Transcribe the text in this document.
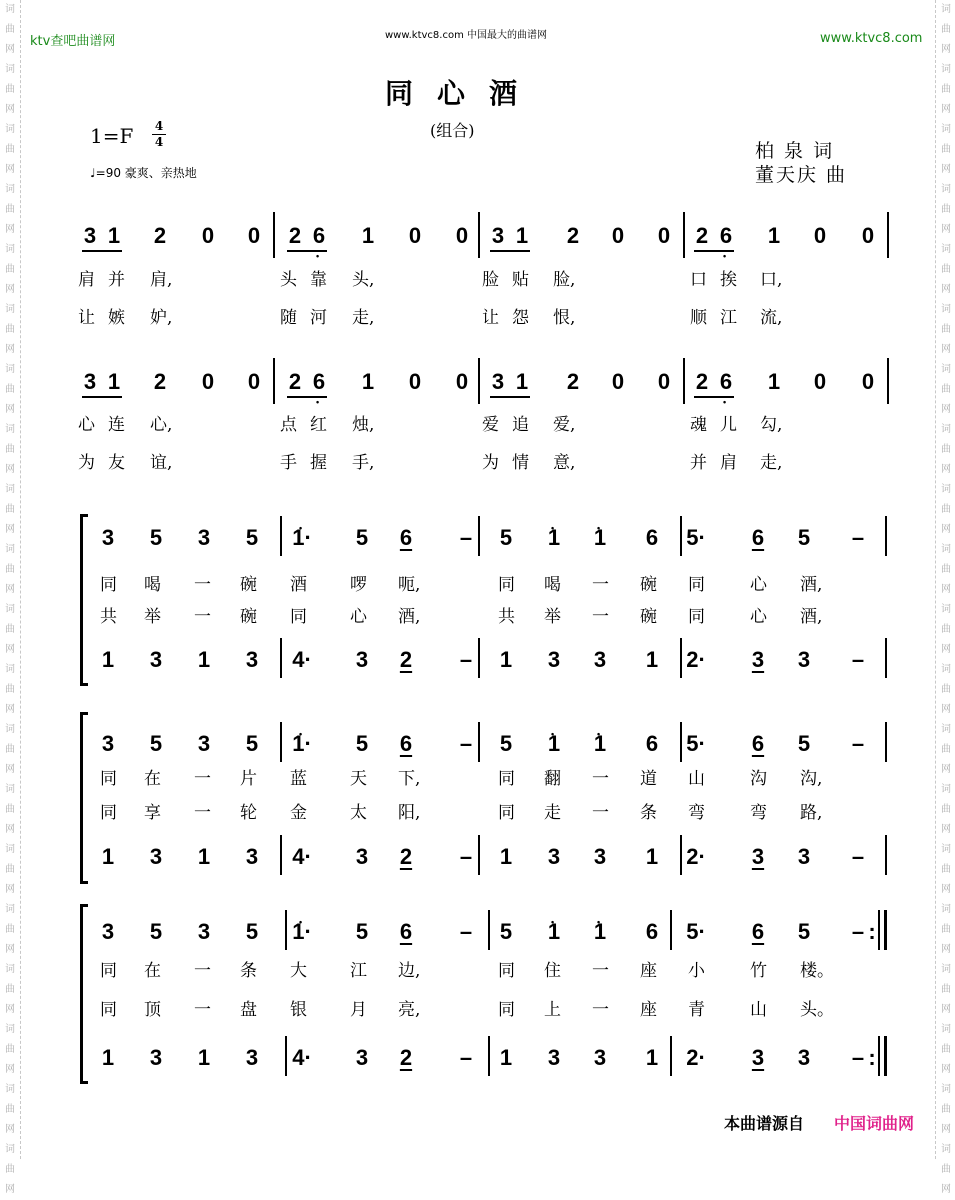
词
曲
网
词
曲
网
词
曲
网
词
曲
网
词
曲
网
词
曲
网
词
曲
网
词
曲
网
词
曲
网
词
曲
网
词
曲
网
词
曲
网
词
曲
网
词
曲
网
词
曲
网
词
曲
网
词
曲
网
词
曲
网
词
曲
网
词
曲
网
词
曲
网
词
曲
网
词
曲
网
词
曲
网
词
曲
网
词
曲
网
词
曲
网
词
曲
网
词
曲
网
词
曲
网
词
曲
网
词
曲
网
词
曲
网
词
曲
网
词
曲
网
词
曲
网
词
曲
网
词
曲
网
词
曲
网
词
曲
网
ktv查吧曲谱网	www.ktvc8.com 中国最大的曲谱网	www.ktvc8.com
同心酒
(组合)
1=F 4
4
♩=90 豪爽、亲热地
柏 泉 词
董天庆 曲
3 1 2 0 0 2 6 • 1 0 0 3 1 2 0 0 2 6 • 1 0 0
肩 并 肩,	头 靠 头,	脸 贴 脸,	口 挨 口,
让 嫉 妒,	随 河 走,	让 怨 恨,	顺 江 流,
3 1 2 0 0 2 6 • 1 0 0 3 1 2 0 0 2 6 • 1 0 0
心 连 心,	点 红 烛,	爱 追 爱,	魂 儿 勾,
为 友 谊,	手 握 手,	为 情 意,	并 肩 走,
3 5 3 5 • 1· 5 6 – 5 • 1 • 1 6 5· 6 5 –
1 3 1 3 4· 3 2 – 1 3 3 1 2· 3 3 –
同 喝 一 碗 酒	啰 呃,	同 喝 一 碗 同	心 酒,
共 举 一 碗 同	心 酒,	共 举 一 碗 同	心 酒,
3 5 3 5 • 1· 5 6 – 5 • 1 • 1 6 5· 6 5 –
1 3 1 3 4· 3 2 – 1 3 3 1 2· 3 3 –
同 在 一 片 蓝	天 下,	同 翻 一 道 山	沟 沟,
同 享 一 轮 金	太 阳,	同 走 一 条 弯	弯 路,
3 5 3 5 • 1· 5 6 – 5 • 1 • 1 6 5· 6 5 –
1 3 1 3 4· 3 2 – 1 3 3 1 2· 3 3 –
同 在 一 条 大	江 边,	同 住 一 座 小	竹 楼。
同 顶 一 盘 银	月 亮,	同 上 一 座 青	山 头。
:
:
本曲谱源自 中国词曲网
